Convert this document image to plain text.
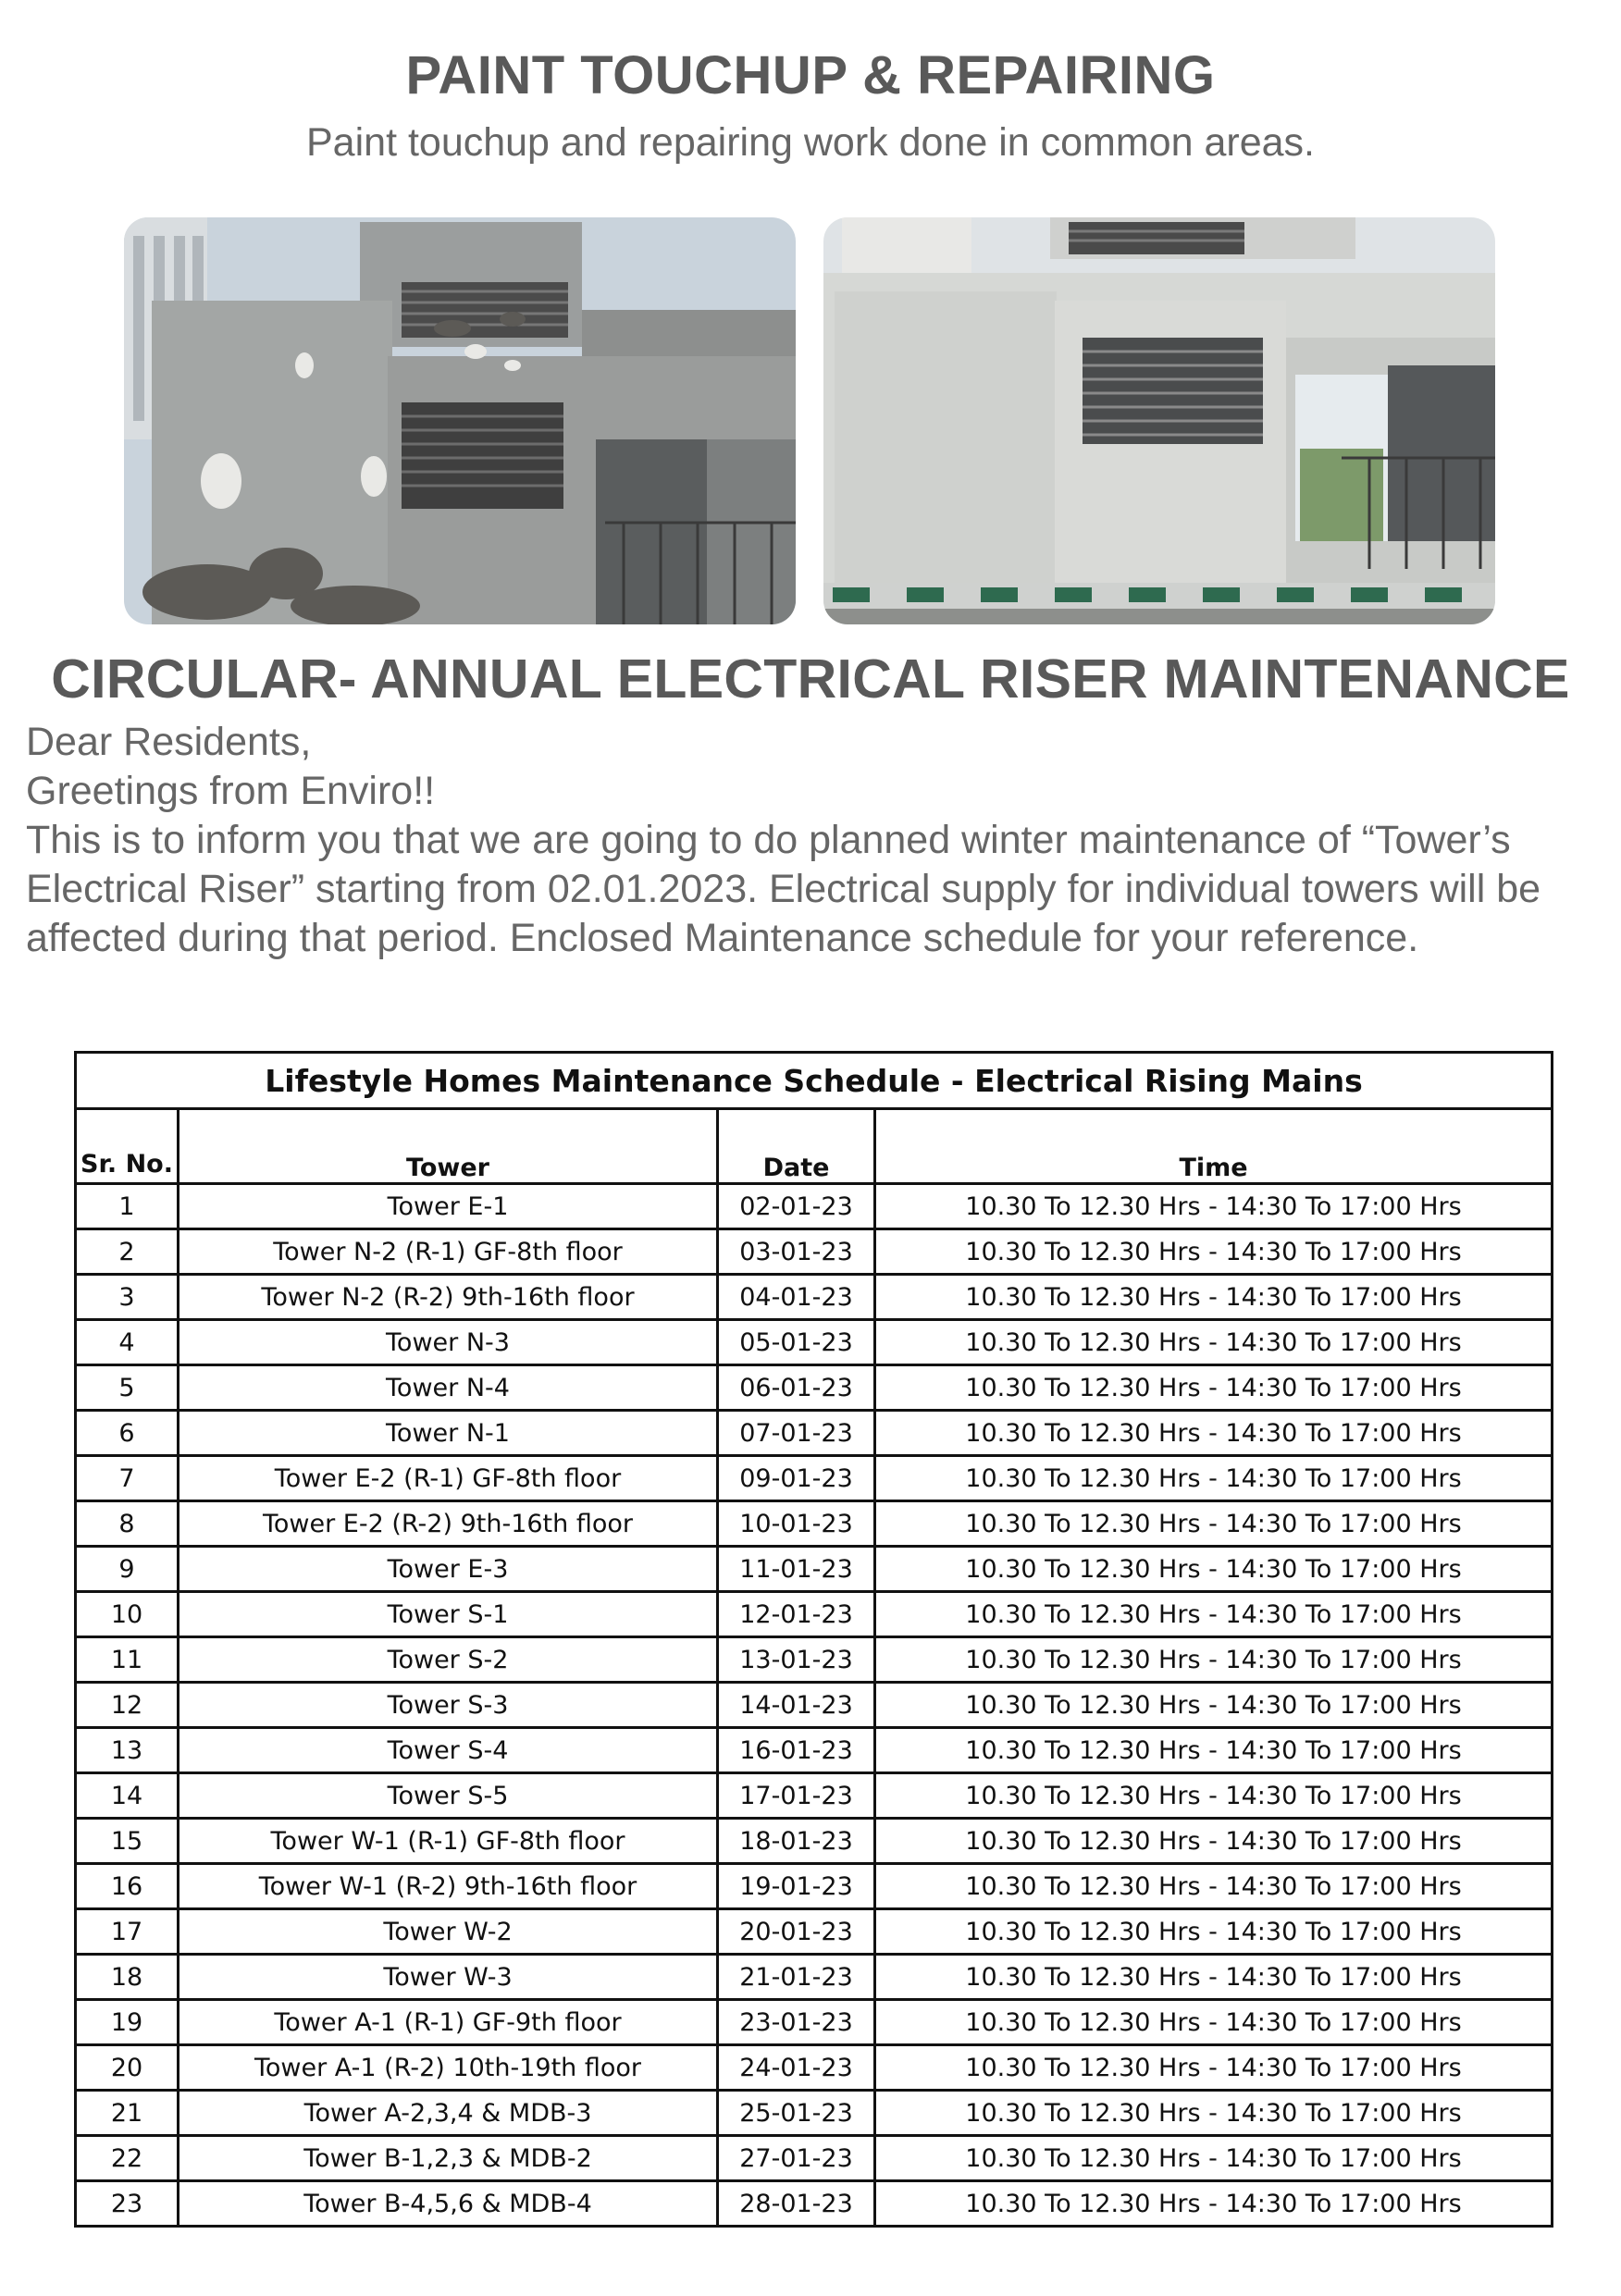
PAINT TOUCHUP & REPAIRING
Paint touchup and repairing work done in common areas.
CIRCULAR- ANNUAL ELECTRICAL RISER MAINTENANCE

Dear Residents,

Greetings from Enviro!!

This is to inform you that we are going to do planned winter maintenance of “Tower’s Electrical Riser” starting from 02.01.2023. Electrical supply for individual towers will be affected during that period. Enclosed Maintenance schedule for your reference.

Lifestyle Homes Maintenance Schedule - Electrical Rising Mains			
Sr. No.	Tower	Date	Time
1	Tower E-1	02-01-23	10.30 To 12.30 Hrs - 14:30 To 17:00 Hrs
2	Tower N-2 (R-1) GF-8th floor	03-01-23	10.30 To 12.30 Hrs - 14:30 To 17:00 Hrs
3	Tower N-2 (R-2) 9th-16th floor	04-01-23	10.30 To 12.30 Hrs - 14:30 To 17:00 Hrs
4	Tower N-3	05-01-23	10.30 To 12.30 Hrs - 14:30 To 17:00 Hrs
5	Tower N-4	06-01-23	10.30 To 12.30 Hrs - 14:30 To 17:00 Hrs
6	Tower N-1	07-01-23	10.30 To 12.30 Hrs - 14:30 To 17:00 Hrs
7	Tower E-2 (R-1) GF-8th floor	09-01-23	10.30 To 12.30 Hrs - 14:30 To 17:00 Hrs
8	Tower E-2 (R-2) 9th-16th floor	10-01-23	10.30 To 12.30 Hrs - 14:30 To 17:00 Hrs
9	Tower E-3	11-01-23	10.30 To 12.30 Hrs - 14:30 To 17:00 Hrs
10	Tower S-1	12-01-23	10.30 To 12.30 Hrs - 14:30 To 17:00 Hrs
11	Tower S-2	13-01-23	10.30 To 12.30 Hrs - 14:30 To 17:00 Hrs
12	Tower S-3	14-01-23	10.30 To 12.30 Hrs - 14:30 To 17:00 Hrs
13	Tower S-4	16-01-23	10.30 To 12.30 Hrs - 14:30 To 17:00 Hrs
14	Tower S-5	17-01-23	10.30 To 12.30 Hrs - 14:30 To 17:00 Hrs
15	Tower W-1 (R-1) GF-8th floor	18-01-23	10.30 To 12.30 Hrs - 14:30 To 17:00 Hrs
16	Tower W-1 (R-2) 9th-16th floor	19-01-23	10.30 To 12.30 Hrs - 14:30 To 17:00 Hrs
17	Tower W-2	20-01-23	10.30 To 12.30 Hrs - 14:30 To 17:00 Hrs
18	Tower W-3	21-01-23	10.30 To 12.30 Hrs - 14:30 To 17:00 Hrs
19	Tower A-1 (R-1) GF-9th floor	23-01-23	10.30 To 12.30 Hrs - 14:30 To 17:00 Hrs
20	Tower A-1 (R-2) 10th-19th floor	24-01-23	10.30 To 12.30 Hrs - 14:30 To 17:00 Hrs
21	Tower A-2,3,4 & MDB-3	25-01-23	10.30 To 12.30 Hrs - 14:30 To 17:00 Hrs
22	Tower B-1,2,3 & MDB-2	27-01-23	10.30 To 12.30 Hrs - 14:30 To 17:00 Hrs
23	Tower B-4,5,6 & MDB-4	28-01-23	10.30 To 12.30 Hrs - 14:30 To 17:00 Hrs
